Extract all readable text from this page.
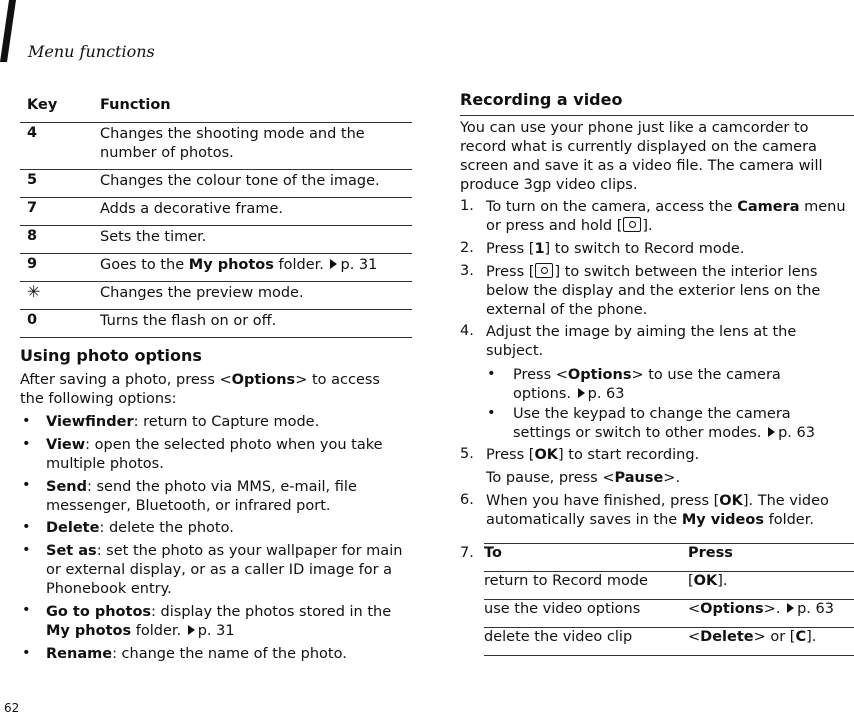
Menu functions
62
Key	Function
4	Changes the shooting mode and the number of photos.
5	Changes the colour tone of the image.
7	Adds a decorative frame.
8	Sets the timer.
9	Goes to the My photos folder. p. 31
✳	Changes the preview mode.
0	Turns the flash on or off.
Using photo options
After saving a photo, press <Options> to access the following options:
• Viewfinder: return to Capture mode.
• View: open the selected photo when you take multiple photos.
• Send: send the photo via MMS, e-mail, file messenger, Bluetooth, or infrared port.
• Delete: delete the photo.
• Set as: set the photo as your wallpaper for main or external display, or as a caller ID image for a Phonebook entry.
• Go to photos: display the photos stored in the My photos folder. p. 31
• Rename: change the name of the photo.
Recording a video
You can use your phone just like a camcorder to record what is currently displayed on the camera screen and save it as a video file. The camera will produce 3gp video clips.
1. To turn on the camera, access the Camera menu or press and hold [ ].
2. Press [1] to switch to Record mode.
3. Press [ ] to switch between the interior lens below the display and the exterior lens on the external of the phone.
4. Adjust the image by aiming the lens at the subject.
• Press <Options> to use the camera options. p. 63
• Use the keypad to change the camera settings or switch to other modes. p. 63
5. Press [OK] to start recording.
To pause, press <Pause>.
6. When you have finished, press [OK]. The video automatically saves in the My videos folder.
7. To	Press
return to Record mode	[OK].
use the video options	<Options>. p. 63
delete the video clip	<Delete> or [C].
